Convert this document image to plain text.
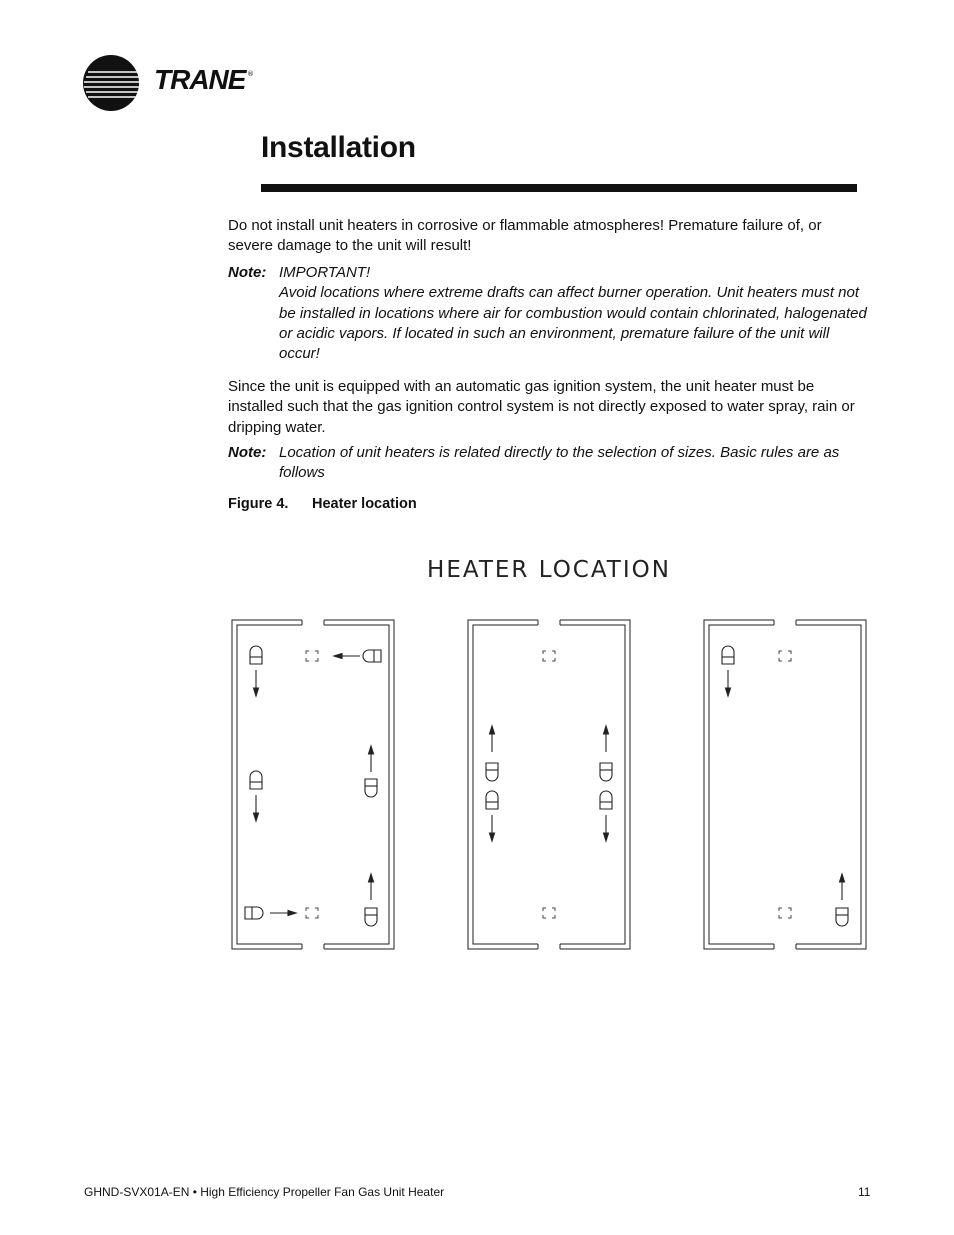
TRANE ®
Installation

Do not install unit heaters in corrosive or flammable atmospheres! Premature failure of, or severe damage to the unit will result!

Note: IMPORTANT!
Avoid locations where extreme drafts can affect burner operation. Unit heaters must not be installed in locations where air for combustion would contain chlorinated, halogenated or acidic vapors. If located in such an environment, premature failure of the unit will occur!

Since the unit is equipped with an automatic gas ignition system, the unit heater must be installed such that the gas ignition control system is not directly exposed to water spray, rain or dripping water.

Note: Location of unit heaters is related directly to the selection of sizes. Basic rules are as follows
Figure 4. Heater location
HEATER LOCATION
GHND-SVX01A-EN • High Efficiency Propeller Fan Gas Unit Heater	11
